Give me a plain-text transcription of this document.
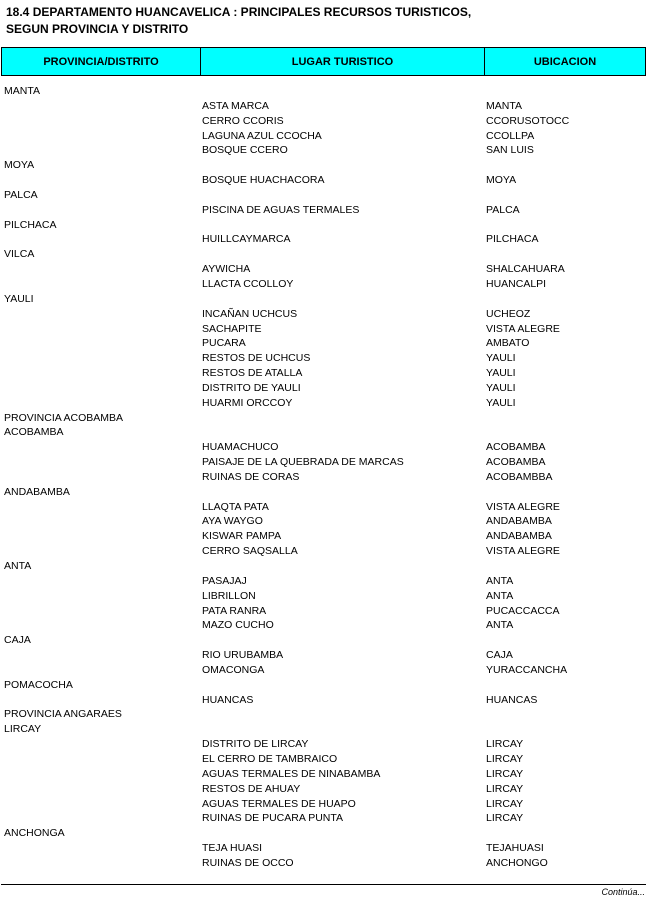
18.4 DEPARTAMENTO HUANCAVELICA : PRINCIPALES RECURSOS TURISTICOS,
SEGUN PROVINCIA Y DISTRITO
PROVINCIA/DISTRITO	LUGAR TURISTICO	UBICACION
MANTA
ASTA MARCA	MANTA
CERRO CCORIS	CCORUSOTOCC
LAGUNA AZUL CCOCHA	CCOLLPA
BOSQUE CCERO	SAN LUIS
MOYA
BOSQUE HUACHACORA	MOYA
PALCA
PISCINA DE AGUAS TERMALES	PALCA
PILCHACA
HUILLCAYMARCA	PILCHACA
VILCA
AYWICHA	SHALCAHUARA
LLACTA CCOLLOY	HUANCALPI
YAULI
INCAÑAN UCHCUS	UCHEOZ
SACHAPITE	VISTA ALEGRE
PUCARA	AMBATO
RESTOS DE UCHCUS	YAULI
RESTOS DE ATALLA	YAULI
DISTRITO DE YAULI	YAULI
HUARMI ORCCOY	YAULI
PROVINCIA ACOBAMBA
ACOBAMBA
HUAMACHUCO	ACOBAMBA
PAISAJE DE LA QUEBRADA DE MARCAS	ACOBAMBA
RUINAS DE CORAS	ACOBAMBBA
ANDABAMBA
LLAQTA PATA	VISTA ALEGRE
AYA WAYGO	ANDABAMBA
KISWAR PAMPA	ANDABAMBA
CERRO SAQSALLA	VISTA ALEGRE
ANTA
PASAJAJ	ANTA
LIBRILLON	ANTA
PATA RANRA	PUCACCACCA
MAZO CUCHO	ANTA
CAJA
RIO URUBAMBA	CAJA
OMACONGA	YURACCANCHA
POMACOCHA
HUANCAS	HUANCAS
PROVINCIA ANGARAES
LIRCAY
DISTRITO DE LIRCAY	LIRCAY
EL CERRO DE TAMBRAICO	LIRCAY
AGUAS TERMALES DE NINABAMBA	LIRCAY
RESTOS DE AHUAY	LIRCAY
AGUAS TERMALES DE HUAPO	LIRCAY
RUINAS DE PUCARA PUNTA	LIRCAY
ANCHONGA
TEJA HUASI	TEJAHUASI
RUINAS DE OCCO	ANCHONGO
Continúa...
